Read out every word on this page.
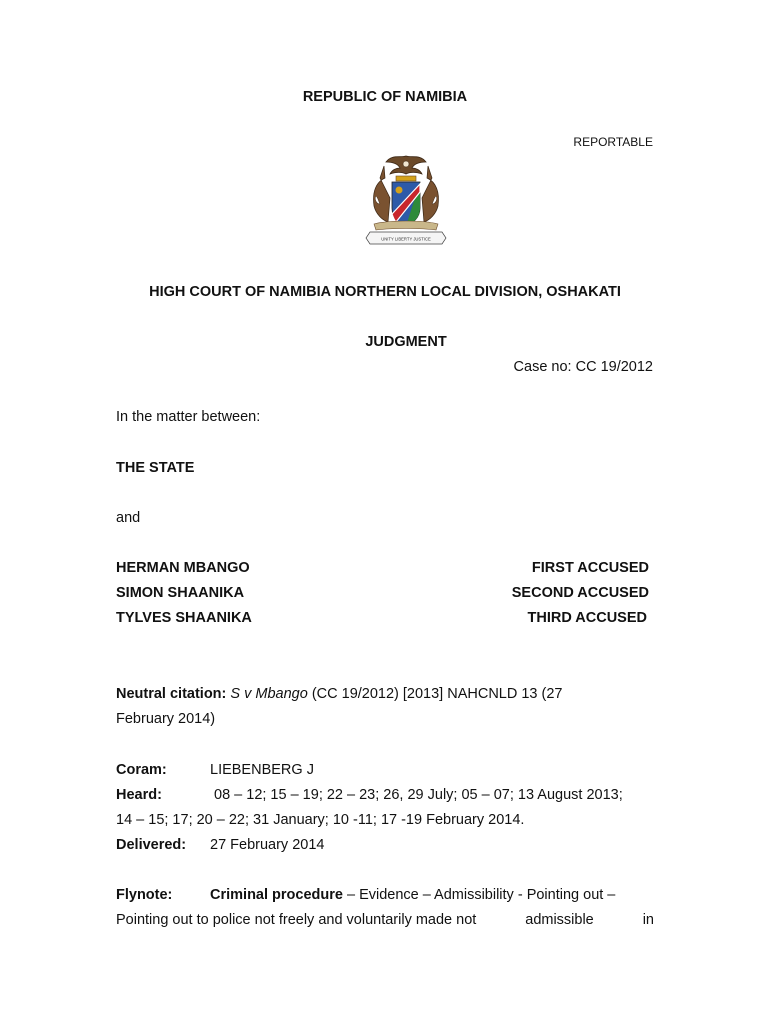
REPUBLIC OF NAMIBIA
REPORTABLE
UNITY LIBERTY JUSTICE
HIGH COURT OF NAMIBIA NORTHERN LOCAL DIVISION, OSHAKATI
JUDGMENT
Case no: CC 19/2012
In the matter between:
THE STATE
and
HERMAN MBANGO	FIRST ACCUSED
SIMON SHAANIKA	SECOND ACCUSED
TYLVES SHAANIKA	THIRD ACCUSED
Neutral citation: S v Mbango (CC 19/2012) [2013] NAHCNLD 13 (27
February 2014)
Coram:	LIEBENBERG J
Heard:	08 – 12; 15 – 19; 22 – 23; 26, 29 July; 05 – 07; 13 August 2013;
14 – 15; 17; 20 – 22; 31 January; 10 -11; 17 -19 February 2014.
Delivered: 27 February 2014
Flynote:	Criminal procedure – Evidence – Admissibility - Pointing out –
Pointing out to police not freely and voluntarily made not	admissible	in
